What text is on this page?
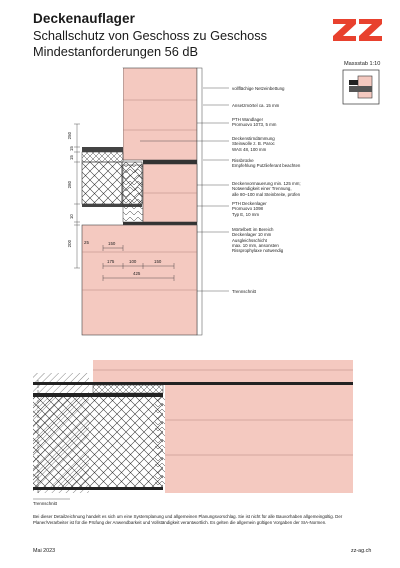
Deckenauflager
Schallschutz von Geschoss zu Geschoss
Mindestanforderungen 56 dB
Massstab 1:10
vollflächige Netzeinbettung
Ansetzmörtel ca. 15 mm
PTH Wandlager
Promuovo 1073, 5 mm
Deckenstirndämmung
Steinwolle z. B. Paroc
WAS 48, 100 mm
Rissbrücke
Empfehlung Putzlieferant beachten
Deckenvormauerung min. 125 mm;
Notwendigkeit einer Trennung,
alle 80–100 mal Steinbreite, prüfen
PTH Deckenlager
Promuovo 1098
Typ E, 10 mm
Mörtelbett im Bereich
Deckenlager 10 mm
Ausgleichsschicht
max. 10 mm, ansonsten
Rissprophylaxe notwendig
Trennschnitt
Trennschnitt
250
15
15
280
10
200	25	150
175	100	150
425
Bei dieser Detailzeichnung handelt es sich um eine Systemplanung und allgemeinen Planungsvorschlag. Sie ist nicht für alle Bauvorhaben allgemeingültig. Der Planer/Verarbeiter ist für die Prüfung der Anwendbarkeit und Vollständigkeit verantwortlich. Es gelten die allgemein gültigen Vorgaben der SIA-Normen.
Mai 2023	zz-ag.ch
